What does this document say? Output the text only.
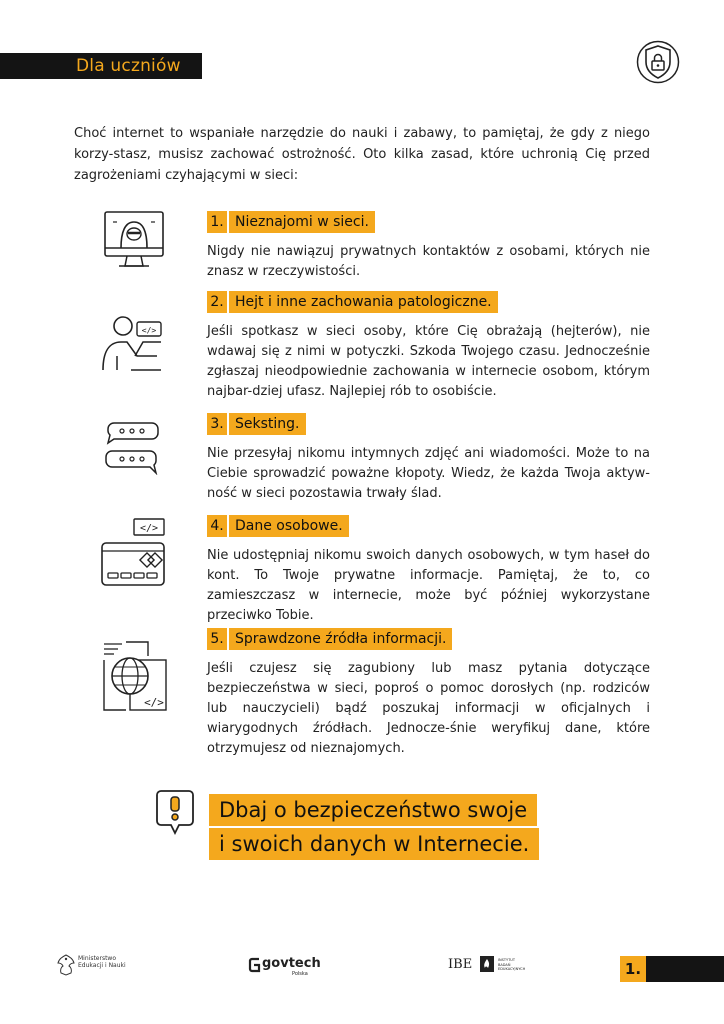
Dla uczniów

Choć internet to wspaniałe narzędzie do nauki i zabawy, to pamiętaj, że gdy z niego korzy-stasz, musisz zachować ostrożność. Oto kilka zasad, które uchronią Cię przed zagrożeniami czyhającymi w sieci:

1. Nieznajomi w sieci.

Nigdy nie nawiązuj prywatnych kontaktów z osobami, których nie znasz w rzeczywistości.

</>
2. Hejt i inne zachowania patologiczne.

Jeśli spotkasz w sieci osoby, które Cię obrażają (hejterów), nie wdawaj się z nimi w potyczki. Szkoda Twojego czasu. Jednocześnie zgłaszaj nieodpowiednie zachowania w internecie osobom, którym najbar-dziej ufasz. Najlepiej rób to osobiście.

3. Seksting.

Nie przesyłaj nikomu intymnych zdjęć ani wiadomości. Może to na Ciebie sprowadzić poważne kłopoty. Wiedz, że każda Twoja aktyw-ność w sieci pozostawia trwały ślad.

</>	4. Dane osobowe.

Nie udostępniaj nikomu swoich danych osobowych, w tym haseł do kont. To Twoje prywatne informacje. Pamiętaj, że to, co zamieszczasz w internecie, może być później wykorzystane przeciwko Tobie.

</>
5. Sprawdzone źródła informacji.

Jeśli czujesz się zagubiony lub masz pytania dotyczące bezpieczeństwa w sieci, poproś o pomoc dorosłych (np. rodziców lub nauczycieli) bądź poszukaj informacji w oficjalnych i wiarygodnych źródłach. Jednocze-śnie weryfikuj dane, które otrzymujesz od nieznajomych.

Dbaj o bezpieczeństwo swoje
i swoich danych w Internecie.
Ministerstwo
Edukacji i Nauki	govtech
Polska
IBE	INSTYTUT
BADAŃ
EDUKACYJNYCH	1.
